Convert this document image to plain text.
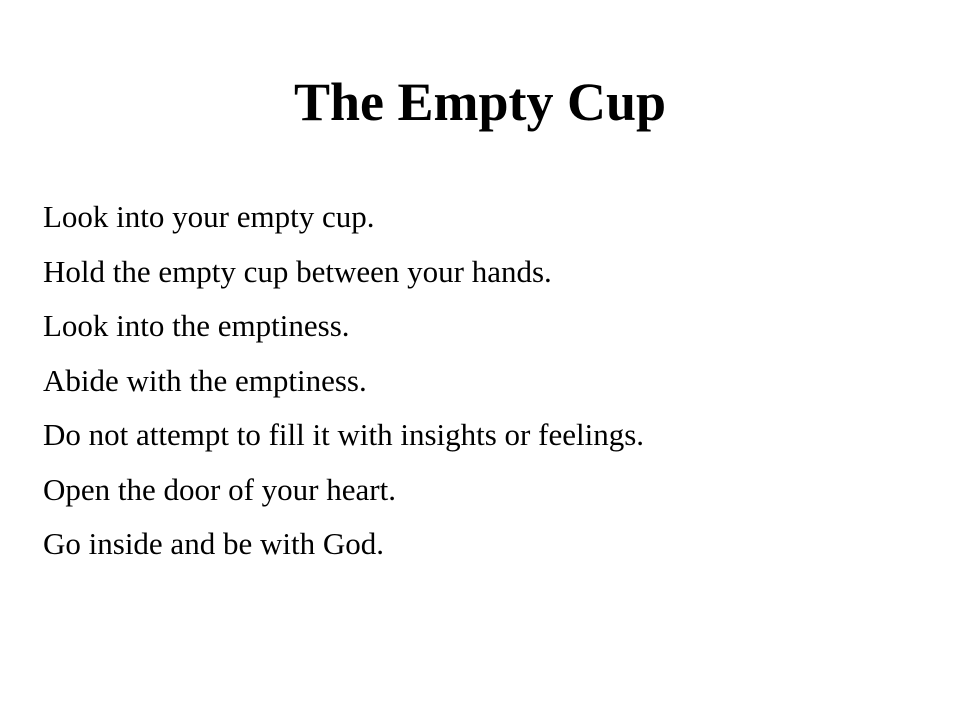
The Empty Cup
Look into your empty cup.
Hold the empty cup between your hands.
Look into the emptiness.
Abide with the emptiness.
Do not attempt to fill it with insights or feelings.
Open the door of your heart.
Go inside and be with God.
